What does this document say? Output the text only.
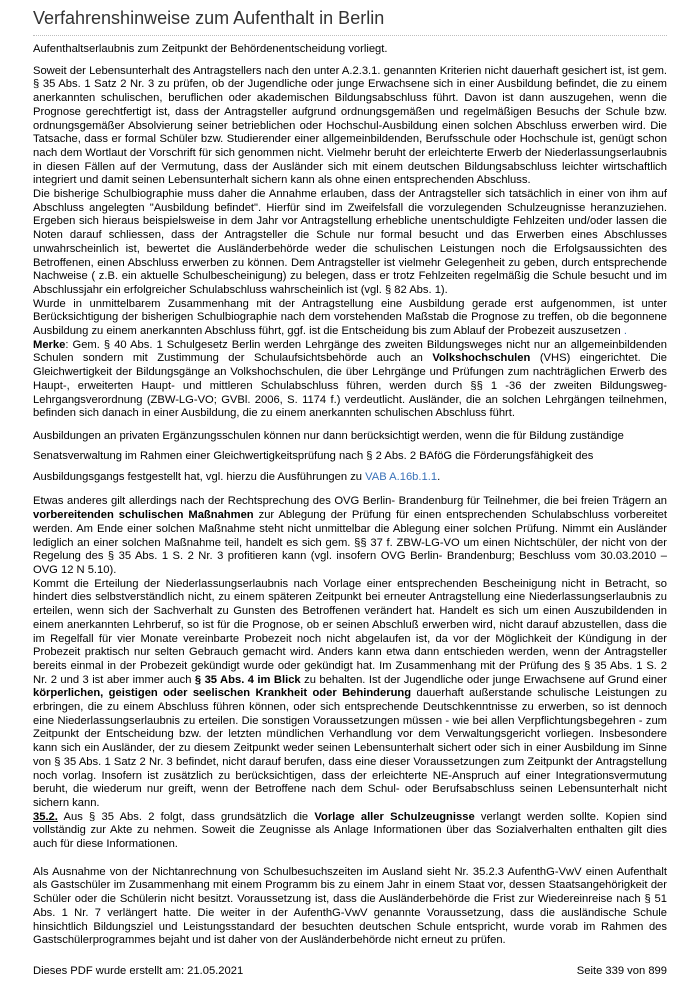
Verfahrenshinweise zum Aufenthalt in Berlin

Aufenthaltserlaubnis zum Zeitpunkt der Behördenentscheidung vorliegt.

Soweit der Lebensunterhalt des Antragstellers nach den unter A.2.3.1. genannten Kriterien nicht dauerhaft gesichert ist, ist gem. § 35 Abs. 1 Satz 2 Nr. 3 zu prüfen, ob der Jugendliche oder junge Erwachsene sich in einer Ausbildung befindet, die zu einem anerkannten schulischen, beruflichen oder akademischen Bildungsabschluss führt. Davon ist dann auszugehen, wenn die Prognose gerechtfertigt ist, dass der Antragsteller aufgrund ordnungsgemäßen und regelmäßigen Besuchs der Schule bzw. ordnungsgemäßer Absolvierung seiner betrieblichen oder Hochschul-Ausbildung einen solchen Abschluss erwerben wird. Die Tatsache, dass er formal Schüler bzw. Studierender einer allgemeinbildenden, Berufsschule oder Hochschule ist, genügt schon nach dem Wortlaut der Vorschrift für sich genommen nicht. Vielmehr beruht der erleichterte Erwerb der Niederlassungserlaubnis in diesen Fällen auf der Vermutung, dass der Ausländer sich mit einem deutschen Bildungsabschluss leichter wirtschaftlich integriert und damit seinen Lebensunterhalt sichern kann als ohne einen entsprechenden Abschluss.

Die bisherige Schulbiographie muss daher die Annahme erlauben, dass der Antragsteller sich tatsächlich in einer von ihm auf Abschluss angelegten "Ausbildung befindet". Hierfür sind im Zweifelsfall die vorzulegenden Schulzeugnisse heranzuziehen. Ergeben sich hieraus beispielsweise in dem Jahr vor Antragstellung erhebliche unentschuldigte Fehlzeiten und/oder lassen die Noten darauf schliessen, dass der Antragsteller die Schule nur formal besucht und das Erwerben eines Abschlusses unwahrscheinlich ist, bewertet die Ausländerbehörde weder die schulischen Leistungen noch die Erfolgsaussichten des Betroffenen, einen Abschluss erwerben zu können. Dem Antragsteller ist vielmehr Gelegenheit zu geben, durch entsprechende Nachweise ( z.B. ein aktuelle Schulbescheinigung) zu belegen, dass er trotz Fehlzeiten regelmäßig die Schule besucht und im Abschlussjahr ein erfolgreicher Schulabschluss wahrscheinlich ist (vgl. § 82 Abs. 1).

Wurde in unmittelbarem Zusammenhang mit der Antragstellung eine Ausbildung gerade erst aufgenommen, ist unter Berücksichtigung der bisherigen Schulbiographie nach dem vorstehenden Maßstab die Prognose zu treffen, ob die begonnene Ausbildung zu einem anerkannten Abschluss führt, ggf. ist die Entscheidung bis zum Ablauf der Probezeit auszusetzen .

Merke: Gem. § 40 Abs. 1 Schulgesetz Berlin werden Lehrgänge des zweiten Bildungsweges nicht nur an allgemeinbildenden Schulen sondern mit Zustimmung der Schulaufsichtsbehörde auch an Volkshochschulen (VHS) eingerichtet. Die Gleichwertigkeit der Bildungsgänge an Volkshochschulen, die über Lehrgänge und Prüfungen zum nachträglichen Erwerb des Haupt-, erweiterten Haupt- und mittleren Schulabschluss führen, werden durch §§ 1 -36 der zweiten Bildungsweg- Lehrgangsverordnung (ZBW-LG-VO; GVBl. 2006, S. 1174 f.) verdeutlicht. Ausländer, die an solchen Lehrgängen teilnehmen, befinden sich danach in einer Ausbildung, die zu einem anerkannten schulischen Abschluss führt.

Ausbildungen an privaten Ergänzungsschulen können nur dann berücksichtigt werden, wenn die für Bildung zuständige Senatsverwaltung im Rahmen einer Gleichwertigkeitsprüfung nach § 2 Abs. 2 BAföG die Förderungsfähigkeit des Ausbildungsgangs festgestellt hat, vgl. hierzu die Ausführungen zu VAB A.16b.1.1.

Etwas anderes gilt allerdings nach der Rechtsprechung des OVG Berlin- Brandenburg für Teilnehmer, die bei freien Trägern an vorbereitenden schulischen Maßnahmen zur Ablegung der Prüfung für einen entsprechenden Schulabschluss vorbereitet werden. Am Ende einer solchen Maßnahme steht nicht unmittelbar die Ablegung einer solchen Prüfung. Nimmt ein Ausländer lediglich an einer solchen Maßnahme teil, handelt es sich gem. §§ 37 f. ZBW-LG-VO um einen Nichtschüler, der nicht von der Regelung des § 35 Abs. 1 S. 2 Nr. 3 profitieren kann (vgl. insofern OVG Berlin- Brandenburg; Beschluss vom 30.03.2010 – OVG 12 N 5.10).

Kommt die Erteilung der Niederlassungserlaubnis nach Vorlage einer entsprechenden Bescheinigung nicht in Betracht, so hindert dies selbstverständlich nicht, zu einem späteren Zeitpunkt bei erneuter Antragstellung eine Niederlassungserlaubnis zu erteilen, wenn sich der Sachverhalt zu Gunsten des Betroffenen verändert hat. Handelt es sich um einen Auszubildenden in einem anerkannten Lehrberuf, so ist für die Prognose, ob er seinen Abschluß erwerben wird, nicht darauf abzustellen, dass die im Regelfall für vier Monate vereinbarte Probezeit noch nicht abgelaufen ist, da vor der Möglichkeit der Kündigung in der Probezeit praktisch nur selten Gebrauch gemacht wird. Anders kann etwa dann entschieden werden, wenn der Antragsteller bereits einmal in der Probezeit gekündigt wurde oder gekündigt hat. Im Zusammenhang mit der Prüfung des § 35 Abs. 1 S. 2 Nr. 2 und 3 ist aber immer auch § 35 Abs. 4 im Blick zu behalten. Ist der Jugendliche oder junge Erwachsene auf Grund einer körperlichen, geistigen oder seelischen Krankheit oder Behinderung dauerhaft außerstande schulische Leistungen zu erbringen, die zu einem Abschluss führen können, oder sich entsprechende Deutschkenntnisse zu erwerben, so ist dennoch eine Niederlassungserlaubnis zu erteilen. Die sonstigen Voraussetzungen müssen - wie bei allen Verpflichtungsbegehren - zum Zeitpunkt der Entscheidung bzw. der letzten mündlichen Verhandlung vor dem Verwaltungsgericht vorliegen. Insbesondere kann sich ein Ausländer, der zu diesem Zeitpunkt weder seinen Lebensunterhalt sichert oder sich in einer Ausbildung im Sinne von § 35 Abs. 1 Satz 2 Nr. 3 befindet, nicht darauf berufen, dass eine dieser Voraussetzungen zum Zeitpunkt der Antragstellung noch vorlag. Insofern ist zusätzlich zu berücksichtigen, dass der erleichterte NE-Anspruch auf einer Integrationsvermutung beruht, die wiederum nur greift, wenn der Betroffene nach dem Schul- oder Berufsabschluss seinen Lebensunterhalt nicht sichern kann.

35.2. Aus § 35 Abs. 2 folgt, dass grundsätzlich die Vorlage aller Schulzeugnisse verlangt werden sollte. Kopien sind vollständig zur Akte zu nehmen. Soweit die Zeugnisse als Anlage Informationen über das Sozialverhalten enthalten gilt dies auch für diese Informationen.

Als Ausnahme von der Nichtanrechnung von Schulbesuchszeiten im Ausland sieht Nr. 35.2.3 AufenthG-VwV einen Aufenthalt als Gastschüler im Zusammenhang mit einem Programm bis zu einem Jahr in einem Staat vor, dessen Staatsangehörigkeit der Schüler oder die Schülerin nicht besitzt. Voraussetzung ist, dass die Ausländerbehörde die Frist zur Wiedereinreise nach § 51 Abs. 1 Nr. 7 verlängert hatte. Die weiter in der AufenthG-VwV genannte Voraussetzung, dass die ausländische Schule hinsichtlich Bildungsziel und Leistungsstandard der besuchten deutschen Schule entspricht, wurde vorab im Rahmen des Gastschülerprogrammes bejaht und ist daher von der Ausländerbehörde nicht erneut zu prüfen.

Dieses PDF wurde erstellt am: 21.05.2021	Seite 339 von 899
